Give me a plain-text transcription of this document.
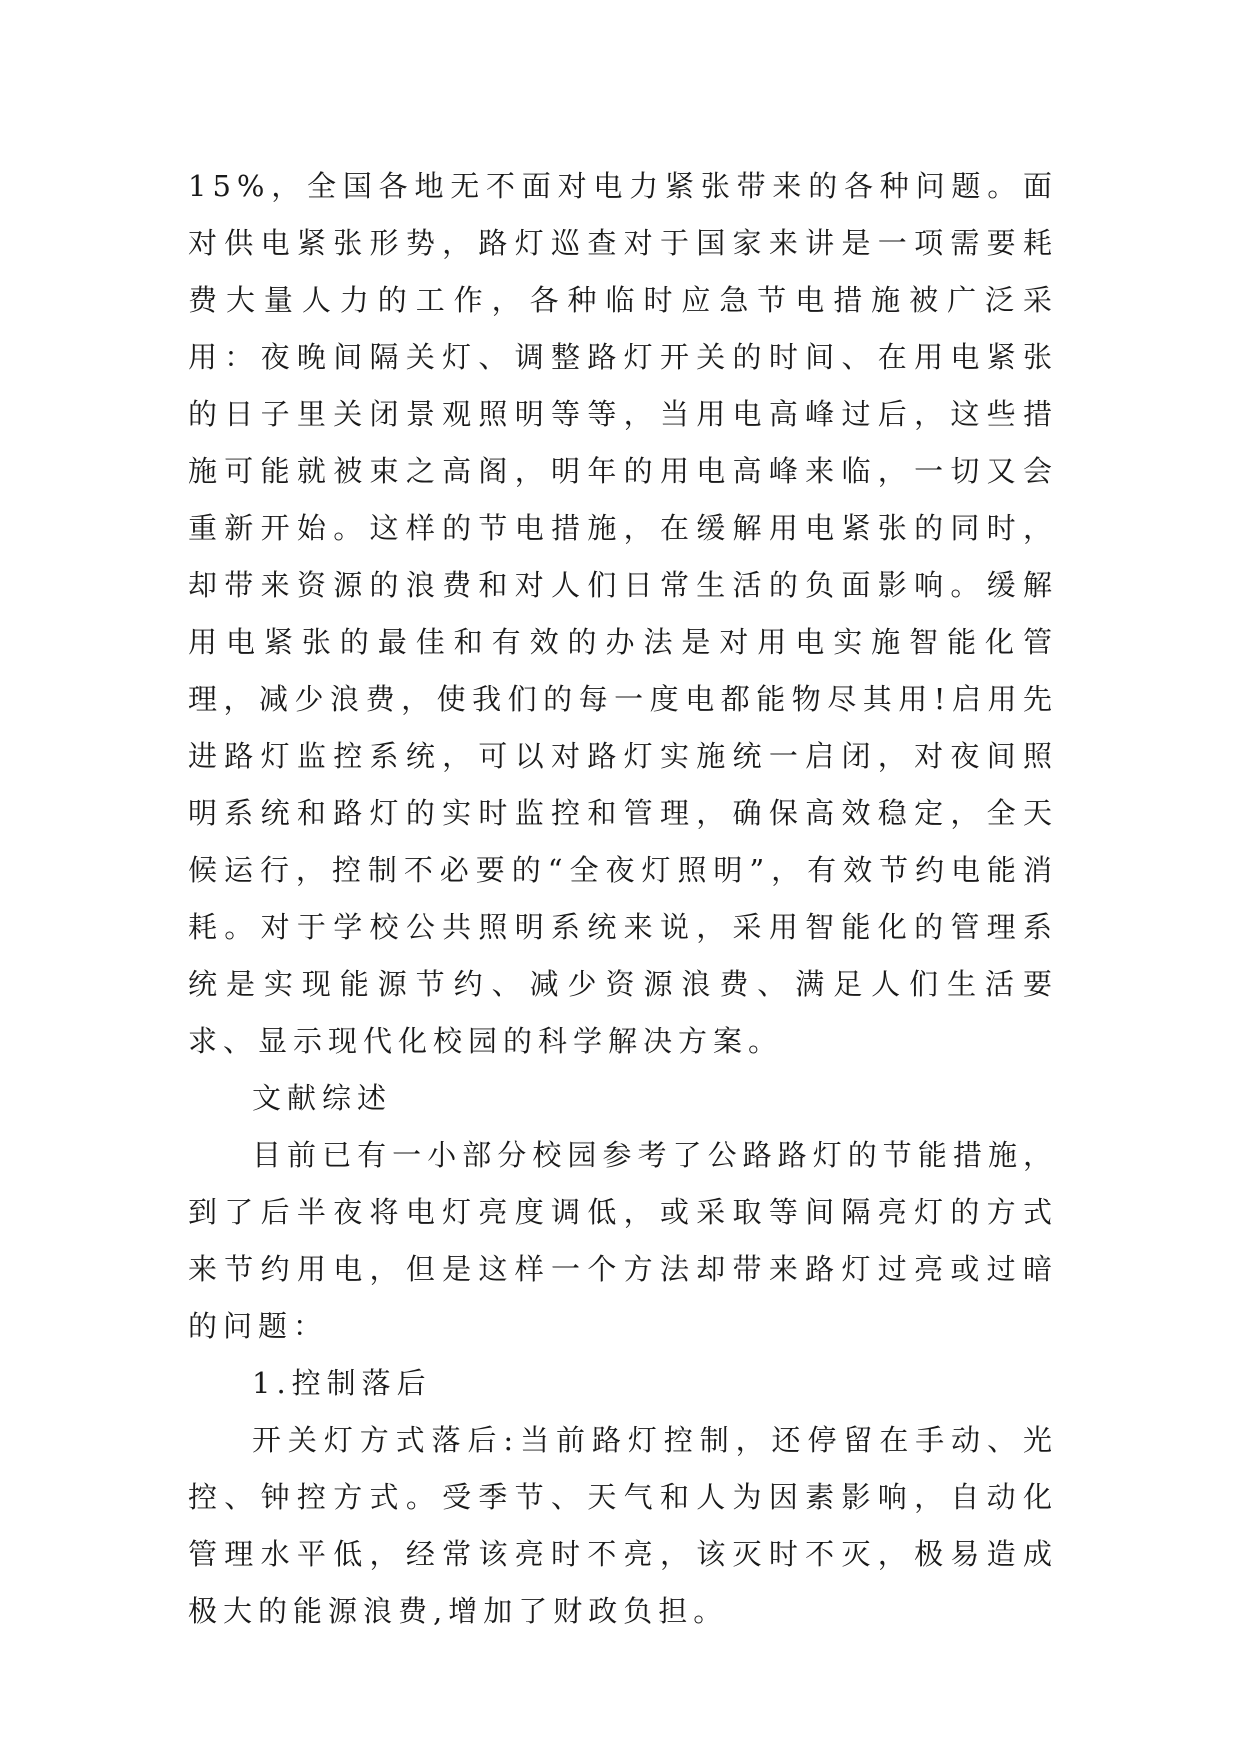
15%，全国各地无不面对电力紧张带来的各种问题。面对供电紧张形势，路灯巡查对于国家来讲是一项需要耗费大量人力的工作，各种临时应急节电措施被广泛采用：夜晚间隔关灯、调整路灯开关的时间、在用电紧张的日子里关闭景观照明等等，当用电高峰过后，这些措施可能就被束之高阁，明年的用电高峰来临，一切又会重新开始。这样的节电措施，在缓解用电紧张的同时，却带来资源的浪费和对人们日常生活的负面影响。缓解用电紧张的最佳和有效的办法是对用电实施智能化管理，减少浪费，使我们的每一度电都能物尽其用!启用先进路灯监控系统，可以对路灯实施统一启闭，对夜间照明系统和路灯的实时监控和管理，确保高效稳定，全天候运行，控制不必要的“全夜灯照明”，有效节约电能消耗。对于学校公共照明系统来说，采用智能化的管理系统是实现能源节约、减少资源浪费、满足人们生活要求、显示现代化校园的科学解决方案。

文献综述

目前已有一小部分校园参考了公路路灯的节能措施，到了后半夜将电灯亮度调低，或采取等间隔亮灯的方式来节约用电，但是这样一个方法却带来路灯过亮或过暗的问题：

1.控制落后

开关灯方式落后:当前路灯控制，还停留在手动、光控、钟控方式。受季节、天气和人为因素影响，自动化管理水平低，经常该亮时不亮，该灭时不灭，极易造成极大的能源浪费,增加了财政负担。
